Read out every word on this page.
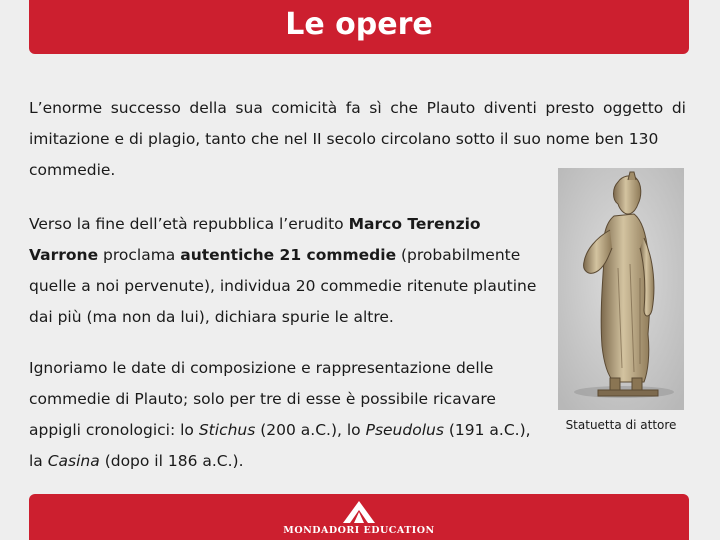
Le opere
L’enorme successo della sua comicità fa sì che Plauto diventi presto oggetto di
imitazione e di plagio, tanto che nel II secolo circolano sotto il suo nome ben 130 commedie.
Verso la fine dell’età repubblica l’erudito Marco Terenzio Varrone proclama autentiche 21 commedie (probabilmente quelle a noi pervenute), individua 20 commedie ritenute plautine dai più (ma non da lui), dichiara spurie le altre.
Ignoriamo le date di composizione e rappresentazione delle commedie di Plauto; solo per tre di esse è possibile ricavare appigli cronologici: lo Stichus (200 a.C.), lo Pseudolus (191 a.C.), la Casina (dopo il 186 a.C.).
Statuetta di attore
MONDADORI EDUCATION
